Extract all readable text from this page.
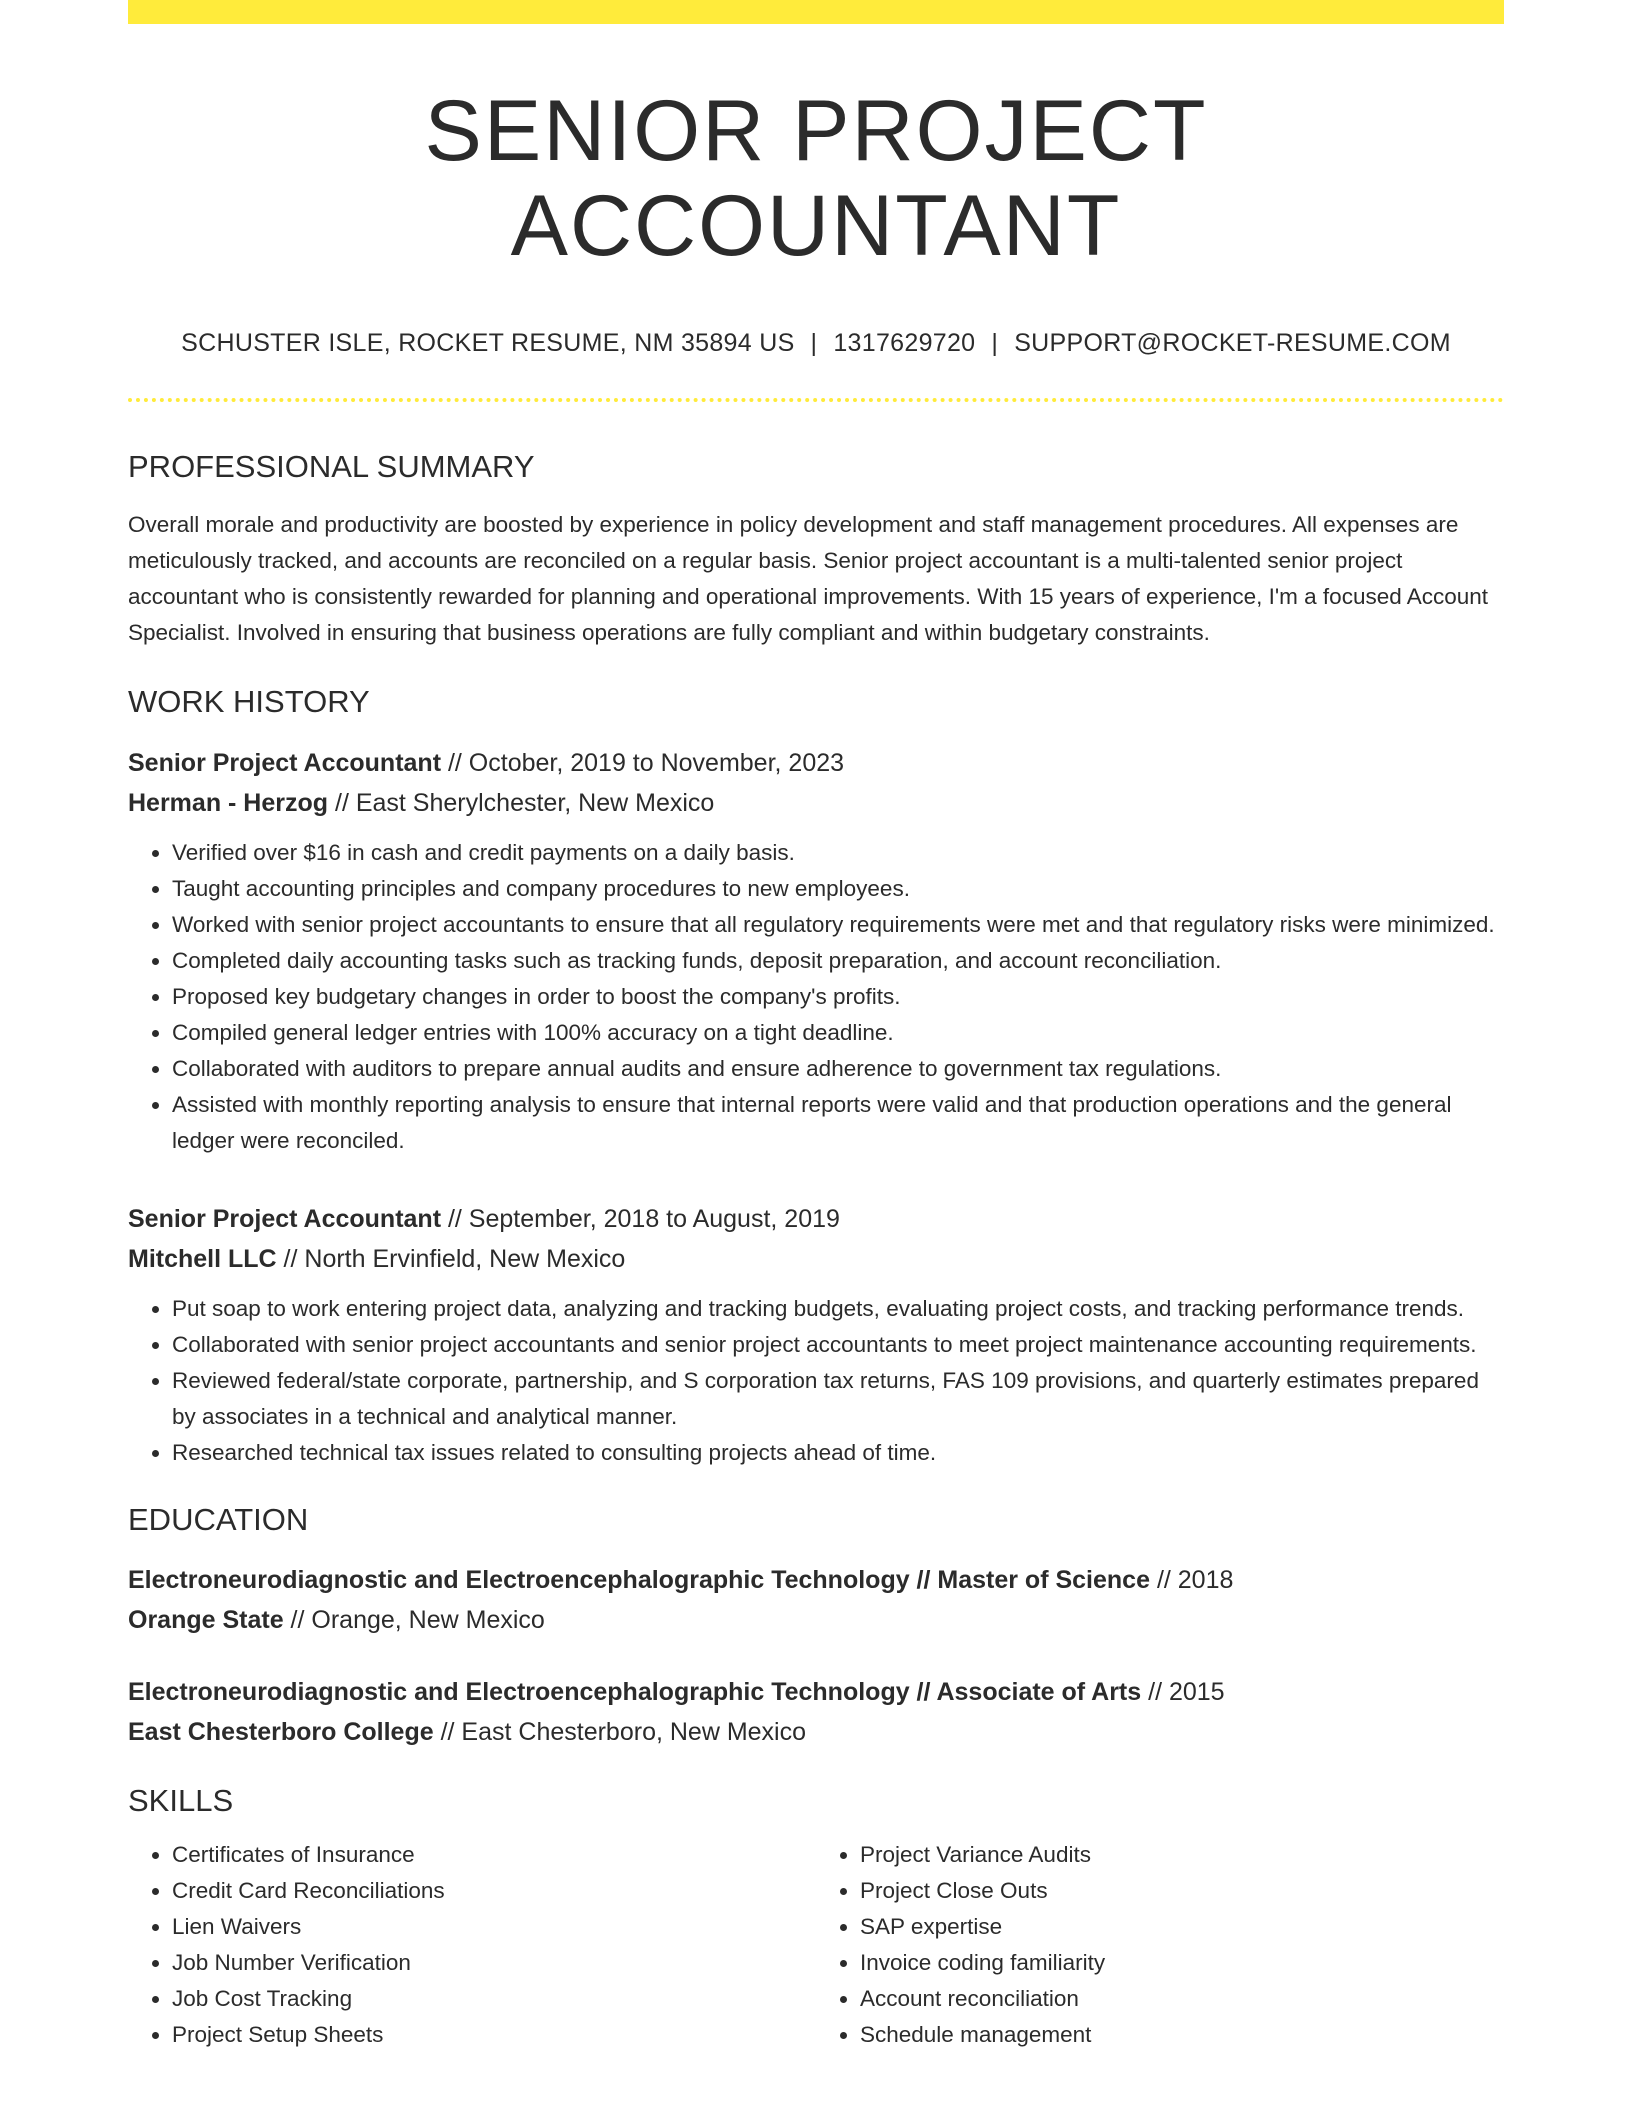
SENIOR PROJECT ACCOUNTANT
SCHUSTER ISLE, ROCKET RESUME, NM 35894 US | 1317629720 | SUPPORT@ROCKET-RESUME.COM
PROFESSIONAL SUMMARY

Overall morale and productivity are boosted by experience in policy development and staff management procedures. All expenses are meticulously tracked, and accounts are reconciled on a regular basis. Senior project accountant is a multi-talented senior project accountant who is consistently rewarded for planning and operational improvements. With 15 years of experience, I'm a focused Account Specialist. Involved in ensuring that business operations are fully compliant and within budgetary constraints.

WORK HISTORY
Senior Project Accountant // October, 2019 to November, 2023
Herman - Herzog // East Sherylchester, New Mexico
• Verified over $16 in cash and credit payments on a daily basis.
• Taught accounting principles and company procedures to new employees.
• Worked with senior project accountants to ensure that all regulatory requirements were met and that regulatory risks were minimized.
• Completed daily accounting tasks such as tracking funds, deposit preparation, and account reconciliation.
• Proposed key budgetary changes in order to boost the company's profits.
• Compiled general ledger entries with 100% accuracy on a tight deadline.
• Collaborated with auditors to prepare annual audits and ensure adherence to government tax regulations.
• Assisted with monthly reporting analysis to ensure that internal reports were valid and that production operations and the general ledger were reconciled.
Senior Project Accountant // September, 2018 to August, 2019
Mitchell LLC // North Ervinfield, New Mexico
• Put soap to work entering project data, analyzing and tracking budgets, evaluating project costs, and tracking performance trends.
• Collaborated with senior project accountants and senior project accountants to meet project maintenance accounting requirements.
• Reviewed federal/state corporate, partnership, and S corporation tax returns, FAS 109 provisions, and quarterly estimates prepared by associates in a technical and analytical manner.
• Researched technical tax issues related to consulting projects ahead of time.
EDUCATION
Electroneurodiagnostic and Electroencephalographic Technology // Master of Science // 2018
Orange State // Orange, New Mexico
Electroneurodiagnostic and Electroencephalographic Technology // Associate of Arts // 2015
East Chesterboro College // East Chesterboro, New Mexico
SKILLS
• Certificates of Insurance
• Credit Card Reconciliations
• Lien Waivers
• Job Number Verification
• Job Cost Tracking
• Project Setup Sheets
• Project Variance Audits
• Project Close Outs
• SAP expertise
• Invoice coding familiarity
• Account reconciliation
• Schedule management
